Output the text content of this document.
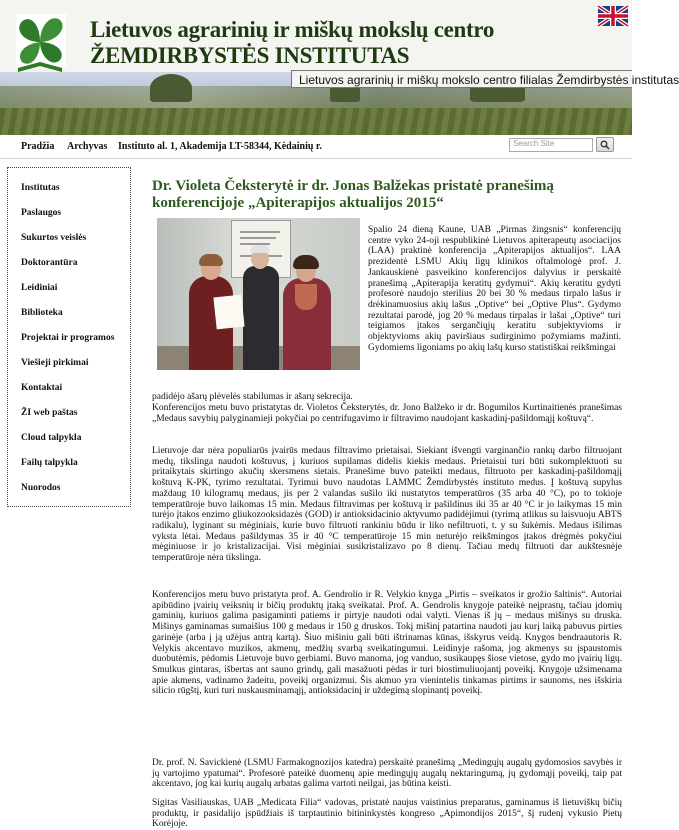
Lietuvos agrarinių ir miškų mokslų centro
ŽEMDIRBYSTĖS INSTITUTAS
Lietuvos agrarinių ir miškų mokslo centro filialas Žemdirbystės institutas
Pradžia Archyvas Instituto al. 1, Akademija LT-58344, Kėdainių r.	Search Site
Institutas
Paslaugos
Sukurtos veislės
Doktorantūra
Leidiniai
Biblioteka
Projektai ir programos
Viešieji pirkimai
Kontaktai
ŽI web paštas
Cloud talpykla
Failų talpykla
Nuorodos
Dr. Violeta Čeksterytė ir dr. Jonas Balžekas pristatė pranešimą konferencijoje „Apiterapijos aktualijos 2015“

Spalio 24 dieną Kaune, UAB „Pirmas žingsnis“ konferencijų centre vyko 24-oji respublikinė Lietuvos apiterapeutų asociacijos (LAA) praktinė konferencija „Apiterapijos aktualijos“. LAA prezidentė LSMU Akių ligų klinikos oftalmologė prof. J. Jankauskienė pasveikino konferencijos dalyvius ir perskaitė pranešimą „Apiterapija keratitų gydymui“. Akių keratitu gydyti profesorė naudojo sterilius 20 bei 30 % medaus tirpalo lašus ir drėkinamuosius akių lašus „Optive“ bei „Optive Plus“. Gydymo rezultatai parodė, jog 20 % medaus tirpalas ir lašai „Optive“ turi teigiamos įtakos sergančiųjų keratitu subjektyvioms ir objektyvioms akių paviršiaus sudirginimo požymiams mažinti. Gydomiems ligoniams po akių lašų kurso statistiškai reikšmingai

padidėjo ašarų plėvelės stabilumas ir ašarų sekrecija.

Konferencijos metu buvo pristatytas dr. Violetos Čeksterytės, dr. Jono Balžeko ir dr. Bogumilos Kurtinaitienės pranešimas „Medaus savybių palyginamieji pokyčiai po centrifugavimo ir filtravimo naudojant kaskadinį-pašildomąjį koštuvą“.

Lietuvoje dar nėra populiarūs įvairūs medaus filtravimo prietaisai. Siekiant išvengti varginančio rankų darbo filtruojant medų, tikslinga naudoti koštuvus, į kuriuos supilamas didelis kiekis medaus. Prietaisui turi būti sukomplektuoti su pritaikytais skirtingo akučių skersmens sietais. Pranešime buvo pateikti medaus, filtruoto per kaskadinį-pašildomąjį koštuvą K-PK, tyrimo rezultatai. Tyrimui buvo naudotas LAMMC Žemdirbystės instituto medus. Į koštuvą supylus maždaug 10 kilogramų medaus, jis per 2 valandas sušilo iki nustatytos temperatūros (35 arba 40 °C), po to tokioje temperatūroje buvo laikomas 15 min. Medaus filtravimas per koštuvą ir pašildinus iki 35 ar 40 °C ir jo laikymas 15 min turėjo įtakos enzimo gliukozooksidazės (GOD) ir antioksidacinio aktyvumo padidėjimui (tyrimą atlikus su laisvuoju ABTS radikalu), lyginant su mėginiais, kurie buvo filtruoti rankiniu būdu ir liko nefiltruoti, t. y su šukėmis. Medaus išilimas vyksta lėtai. Medaus pašildymas 35 ir 40 °C temperatūroje 15 min neturėjo reikšmingos įtakos drėgmės pokyčiui mėginiuose ir jo kristalizacijai. Visi mėginiai susikristalizavo po 8 dienų. Tačiau medų filtruoti dar aukštesnėje temperatūroje nėra tikslinga.

Konferencijos metu buvo pristatyta prof. A. Gendrolio ir R. Velykio knyga „Pirtis – sveikatos ir grožio šaltinis“. Autoriai apibūdino įvairių veiksnių ir bičių produktų įtaką sveikatai. Prof. A. Gendrolis knygoje pateikė neįprastų, tačiau įdomių gaminių, kuriuos galima pasigaminti patiems ir pirtyje naudoti odai valyti. Vienas iš jų – medaus mišinys su druska. Mišinys gaminamas sumaišius 100 g medaus ir 150 g druskos. Tokį mišinį patartina naudoti jau kurį laiką pabuvus pirties garinėje (arba į ją užėjus antrą kartą). Šiuo mišiniu gali būti ištrinamas kūnas, išskyrus veidą. Knygos bendraautoris R. Velykis akcentavo muzikos, akmenų, medžių svarbą sveikatingumui. Leidinyje rašoma, jog akmenys su įspaustomis duobutėmis, pėdomis Lietuvoje buvo gerbiami. Buvo manoma, jog vanduo, susikaupęs šiose vietose, gydo mo įvairių ligų. Smulkus gintaras, išbertas ant sauno grindų, gali masažuoti pėdas ir turi biostimuliuojantį poveikį. Knygoje užsimenama apie akmens, vadinamo žadeitu, poveikį organizmui. Šis akmuo yra vienintelis tinkamas pirtims ir saunoms, nes išskiria silicio rūgštį, kuri turi nuskausminamąjį, antioksidacinį ir uždegimą slopinantį poveikį.

Dr. prof. N. Savickienė (LSMU Farmakognozijos katedra) perskaitė pranešimą „Medingųjų augalų gydomosios savybės ir jų vartojimo ypatumai“. Profesorė pateikė duomenų apie medingųjų augalų nektaringumą, jų gydomąjį poveikį, taip pat akcentavo, jog kai kurių augalų arbatas galima vartoti neilgai, jas būtina keisti.

Sigitas Vasiliauskas, UAB „Medicata Filia“ vadovas, pristatė naujus vaistinius preparatus, gaminamus iš lietuviškų bičių produktų, ir pasidalijo įspūdžiais iš tarptautinio bitininkystės kongreso „Apimondijos 2015“, šį rudenį vykusio Pietų Korėjoje.
